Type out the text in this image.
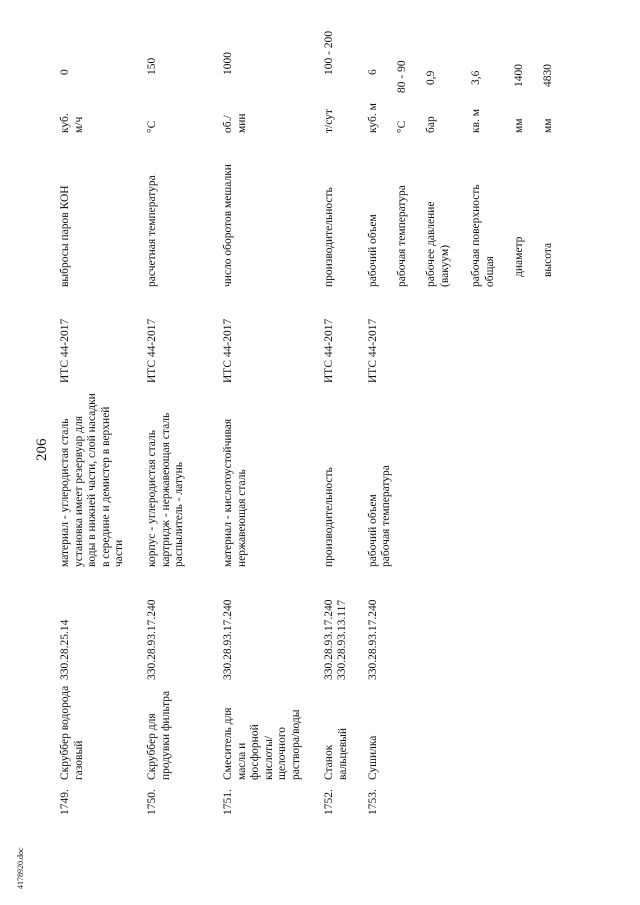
206
1749.
Скруббер водорода газовый
330.28.25.14
материал - углеродистая сталь установка имеет резервуар для воды в нижней части, слой насадки в середине и демистер в верхней части
ИТС 44-2017
выбросы паров КОН
куб. м/ч
0
1750.
Скруббер для продувки фильтра
330.28.93.17.240
корпус - углеродистая сталь картридж - нержавеющая сталь распылитель - латунь
ИТС 44-2017
расчетная температура
°С
150
1751.
Смеситель для масла и фосфорной кислоты/ щелочного раствора/воды
330.28.93.17.240
материал - кислотоустойчивая нержавеющая сталь
ИТС 44-2017
число оборотов мешалки
об./ мин
1000
1752.
Станок вальцевый
330.28.93.17.240 330.28.93.13.117
производительность
ИТС 44-2017
производительность
т/сут
100 - 200
1753.
Сушилка
330.28.93.17.240
рабочий объем рабочая температура
ИТС 44-2017
рабочий объем
куб. м
6
рабочая температура
°С
80 - 90
рабочее давление (вакуум)
бар
0,9
рабочая поверхность общая
кв. м
3,6
диаметр
мм
1400
высота
мм
4830
4178920.doc
